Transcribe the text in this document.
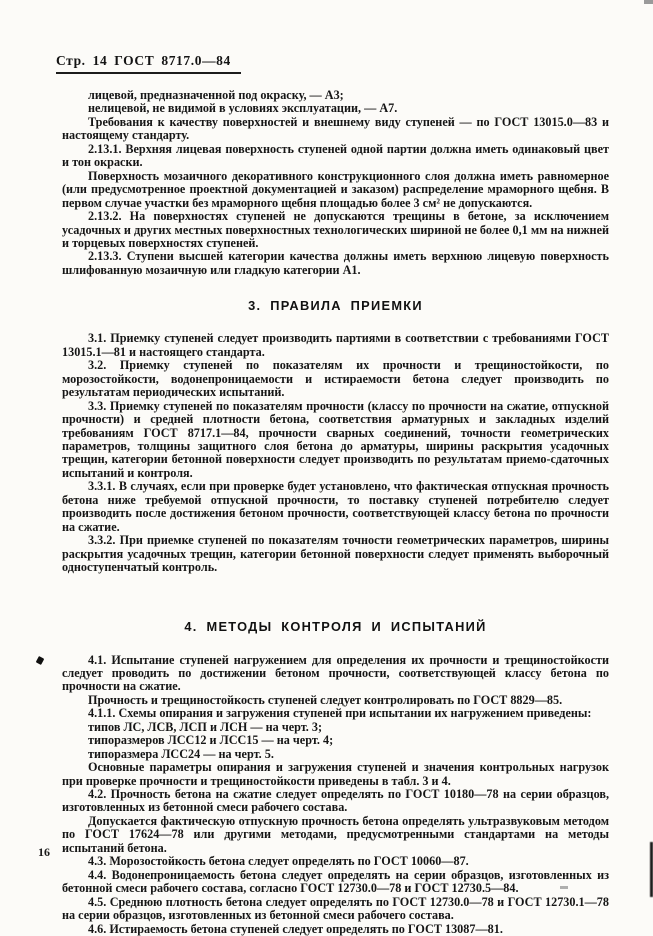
Стр. 14 ГОСТ 8717.0—84

лицевой, предназначенной под окраску, — А3;

нелицевой, не видимой в условиях эксплуатации, — А7.

Требования к качеству поверхностей и внешнему виду ступеней — по ГОСТ 13015.0—83 и настоящему стандарту.

2.13.1. Верхняя лицевая поверхность ступеней одной партии должна иметь одинаковый цвет и тон окраски.

Поверхность мозаичного декоративного конструкционного слоя должна иметь равномерное (или предусмотренное проектной документацией и заказом) распределение мраморного щебня. В первом случае участки без мраморного щебня площадью более 3 см² не допускаются.

2.13.2. На поверхностях ступеней не допускаются трещины в бетоне, за исключением усадочных и других местных поверхностных технологических шириной не более 0,1 мм на нижней и торцевых поверхностях ступеней.

2.13.3. Ступени высшей категории качества должны иметь верхнюю лицевую поверхность шлифованную мозаичную или гладкую категории А1.

3. ПРАВИЛА ПРИЕМКИ

3.1. Приемку ступеней следует производить партиями в соответствии с требованиями ГОСТ 13015.1—81 и настоящего стандарта.

3.2. Приемку ступеней по показателям их прочности и трещиностойкости, по морозостойкости, водонепроницаемости и истираемости бетона следует производить по результатам периодических испытаний.

3.3. Приемку ступеней по показателям прочности (классу по прочности на сжатие, отпускной прочности) и средней плотности бетона, соответствия арматурных и закладных изделий требованиям ГОСТ 8717.1—84, прочности сварных соединений, точности геометрических параметров, толщины защитного слоя бетона до арматуры, ширины раскрытия усадочных трещин, категории бетонной поверхности следует производить по результатам приемо-сдаточных испытаний и контроля.

3.3.1. В случаях, если при проверке будет установлено, что фактическая отпускная прочность бетона ниже требуемой отпускной прочности, то поставку ступеней потребителю следует производить после достижения бетоном прочности, соответствующей классу бетона по прочности на сжатие.

3.3.2. При приемке ступеней по показателям точности геометрических параметров, ширины раскрытия усадочных трещин, категории бетонной поверхности следует применять выборочный одноступенчатый контроль.

4. МЕТОДЫ КОНТРОЛЯ И ИСПЫТАНИЙ

4.1. Испытание ступеней нагружением для определения их прочности и трещиностойкости следует проводить по достижении бетоном прочности, соответствующей классу бетона по прочности на сжатие.

Прочность и трещиностойкость ступеней следует контролировать по ГОСТ 8829—85.

4.1.1. Схемы опирания и загружения ступеней при испытании их нагружением приведены:

типов ЛС, ЛСВ, ЛСП и ЛСН — на черт. 3;

типоразмеров ЛСС12 и ЛСС15 — на черт. 4;

типоразмера ЛСС24 — на черт. 5.

Основные параметры опирания и загружения ступеней и значения контрольных нагрузок при проверке прочности и трещиностойкости приведены в табл. 3 и 4.

4.2. Прочность бетона на сжатие следует определять по ГОСТ 10180—78 на серии образцов, изготовленных из бетонной смеси рабочего состава.

Допускается фактическую отпускную прочность бетона определять ультразвуковым методом по ГОСТ 17624—78 или другими методами, предусмотренными стандартами на методы испытаний бетона.

4.3. Морозостойкость бетона следует определять по ГОСТ 10060—87.

4.4. Водонепроницаемость бетона следует определять на серии образцов, изготовленных из бетонной смеси рабочего состава, согласно ГОСТ 12730.0—78 и ГОСТ 12730.5—84.

4.5. Среднюю плотность бетона следует определять по ГОСТ 12730.0—78 и ГОСТ 12730.1—78 на серии образцов, изготовленных из бетонной смеси рабочего состава.

4.6. Истираемость бетона ступеней следует определять по ГОСТ 13087—81.

16
